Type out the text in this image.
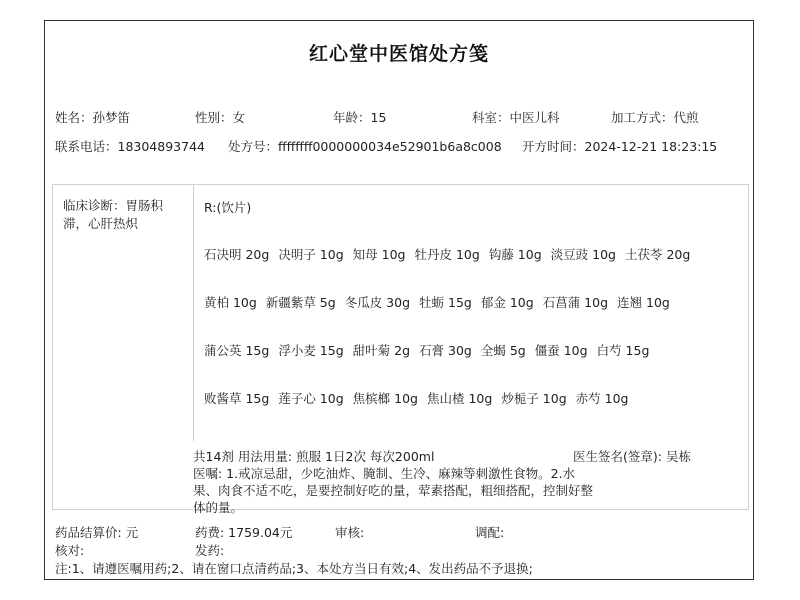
红心堂中医馆处方笺
姓名：孙梦笛	性别：女	年龄：15	科室：中医儿科	加工方式：代煎
联系电话：18304893744 处方号：ffffffff0000000034e52901b6a8c008 开方时间：2024-12-21 18:23:15
临床诊断：胃肠积滞，心肝热炽
R:(饮片)
石决明 20g 决明子 10g 知母 10g 牡丹皮 10g 钩藤 10g 淡豆豉 10g 土茯苓 20g
黄柏 10g 新疆紫草 5g 冬瓜皮 30g 牡蛎 15g 郁金 10g 石菖蒲 10g 连翘 10g
蒲公英 15g 浮小麦 15g 甜叶菊 2g 石膏 30g 全蝎 5g 僵蚕 10g 白芍 15g
败酱草 15g 莲子心 10g 焦槟榔 10g 焦山楂 10g 炒栀子 10g 赤芍 10g
共14剂 用法用量: 煎服 1日2次 每次200ml	医生签名(签章): 吴栋
医嘱: 1.戒凉忌甜，少吃油炸、腌制、生冷、麻辣等刺激性食物。2.水果、肉食不适不吃，是要控制好吃的量，荤素搭配，粗细搭配，控制好整体的量。
药品结算价: 元	药费: 1759.04元	审核:	调配:
核对:	发药:
注:1、请遵医嘱用药;2、请在窗口点清药品;3、本处方当日有效;4、发出药品不予退换;
